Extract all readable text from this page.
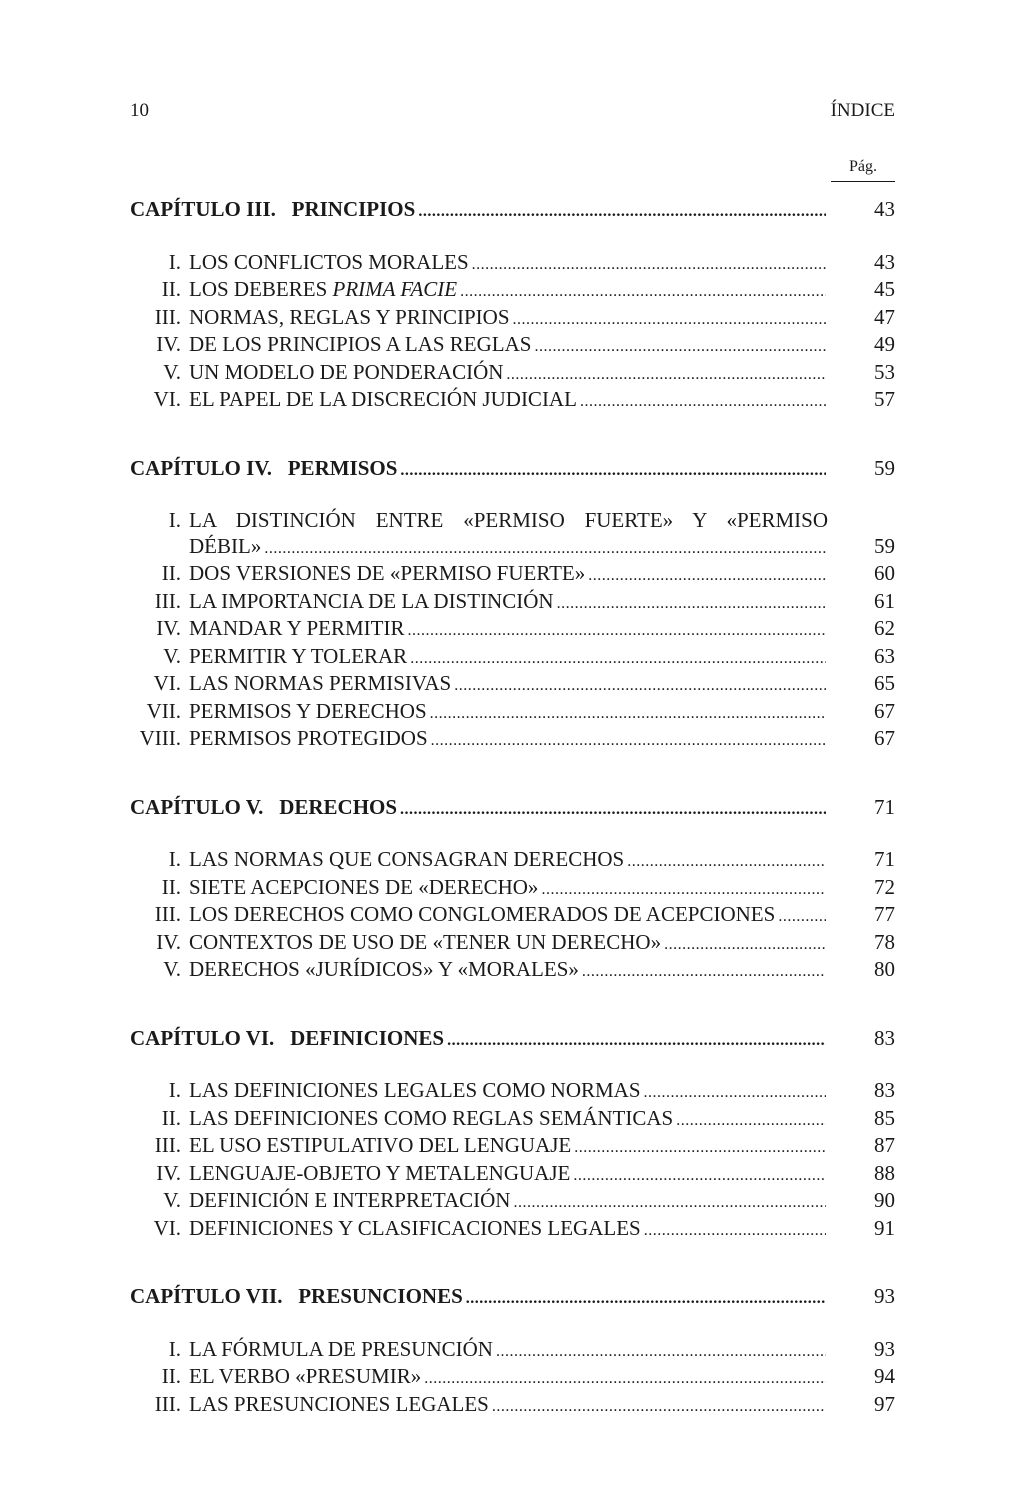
10	ÍNDICE
Pág.
CAPÍTULO III.   PRINCIPIOS .....	43
I. LOS CONFLICTOS MORALES .....	43
II. LOS DEBERES PRIMA FACIE .....	45
III. NORMAS, REGLAS Y PRINCIPIOS .....	47
IV. DE LOS PRINCIPIOS A LAS REGLAS .....	49
V. UN MODELO DE PONDERACIÓN .....	53
VI. EL PAPEL DE LA DISCRECIÓN JUDICIAL .....	57
CAPÍTULO IV.   PERMISOS .....	59
I. LA DISTINCIÓN ENTRE «PERMISO FUERTE» Y «PERMISO
DÉBIL» .....	59
II. DOS VERSIONES DE «PERMISO FUERTE» .....	60
III. LA IMPORTANCIA DE LA DISTINCIÓN .....	61
IV. MANDAR Y PERMITIR .....	62
V. PERMITIR Y TOLERAR .....	63
VI. LAS NORMAS PERMISIVAS .....	65
VII. PERMISOS Y DERECHOS .....	67
VIII. PERMISOS PROTEGIDOS .....	67
CAPÍTULO V.   DERECHOS .....	71
I. LAS NORMAS QUE CONSAGRAN DERECHOS .....	71
II. SIETE ACEPCIONES DE «DERECHO» .....	72
III. LOS DERECHOS COMO CONGLOMERADOS DE ACEPCIONES .....	77
IV. CONTEXTOS DE USO DE «TENER UN DERECHO» .....	78
V. DERECHOS «JURÍDICOS» Y «MORALES» .....	80
CAPÍTULO VI.   DEFINICIONES .....	83
I. LAS DEFINICIONES LEGALES COMO NORMAS .....	83
II. LAS DEFINICIONES COMO REGLAS SEMÁNTICAS .....	85
III. EL USO ESTIPULATIVO DEL LENGUAJE .....	87
IV. LENGUAJE-OBJETO Y METALENGUAJE .....	88
V. DEFINICIÓN E INTERPRETACIÓN .....	90
VI. DEFINICIONES Y CLASIFICACIONES LEGALES .....	91
CAPÍTULO VII.   PRESUNCIONES .....	93
I. LA FÓRMULA DE PRESUNCIÓN .....	93
II. EL VERBO «PRESUMIR» .....	94
III. LAS PRESUNCIONES LEGALES .....	97
